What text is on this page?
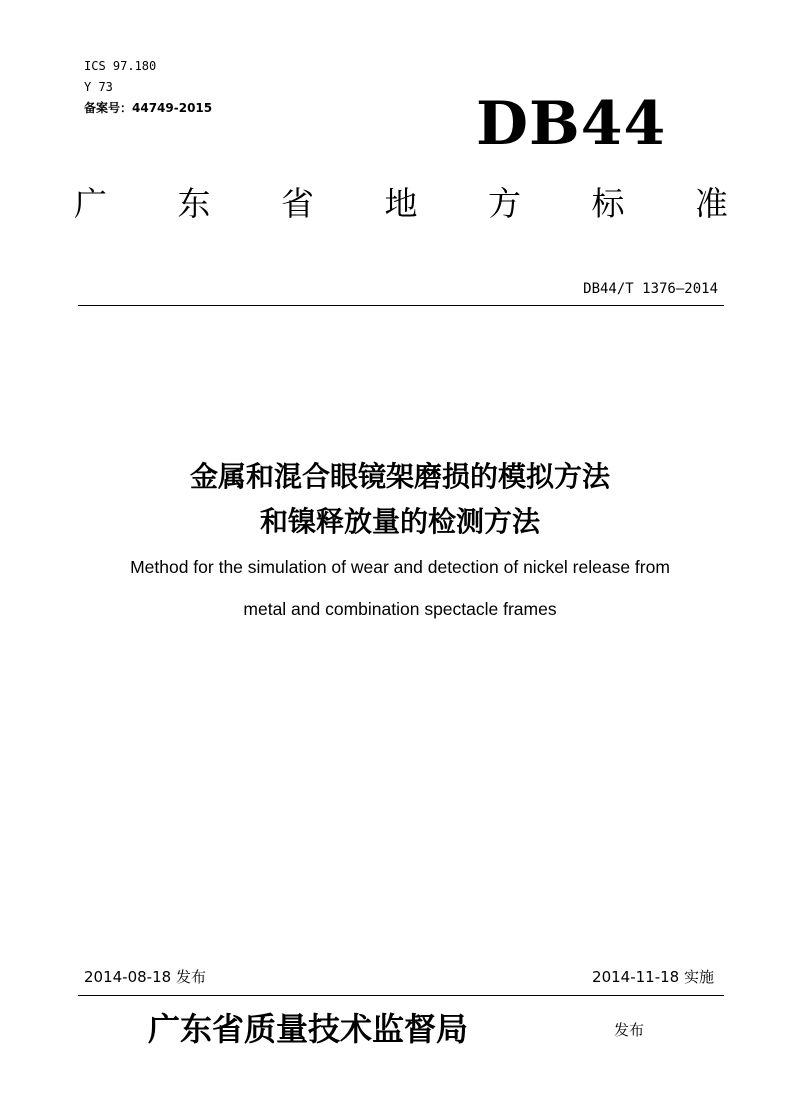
ICS 97.180
Y 73
备案号：44749-2015	DB44
广 东 省 地 方 标 准
DB44/T 1376—2014
金属和混合眼镜架磨损的模拟方法
和镍释放量的检测方法
Method for the simulation of wear and detection of nickel release from
metal and combination spectacle frames
2014-08-18 发布	2014-11-18 实施
广东省质量技术监督局	发布
